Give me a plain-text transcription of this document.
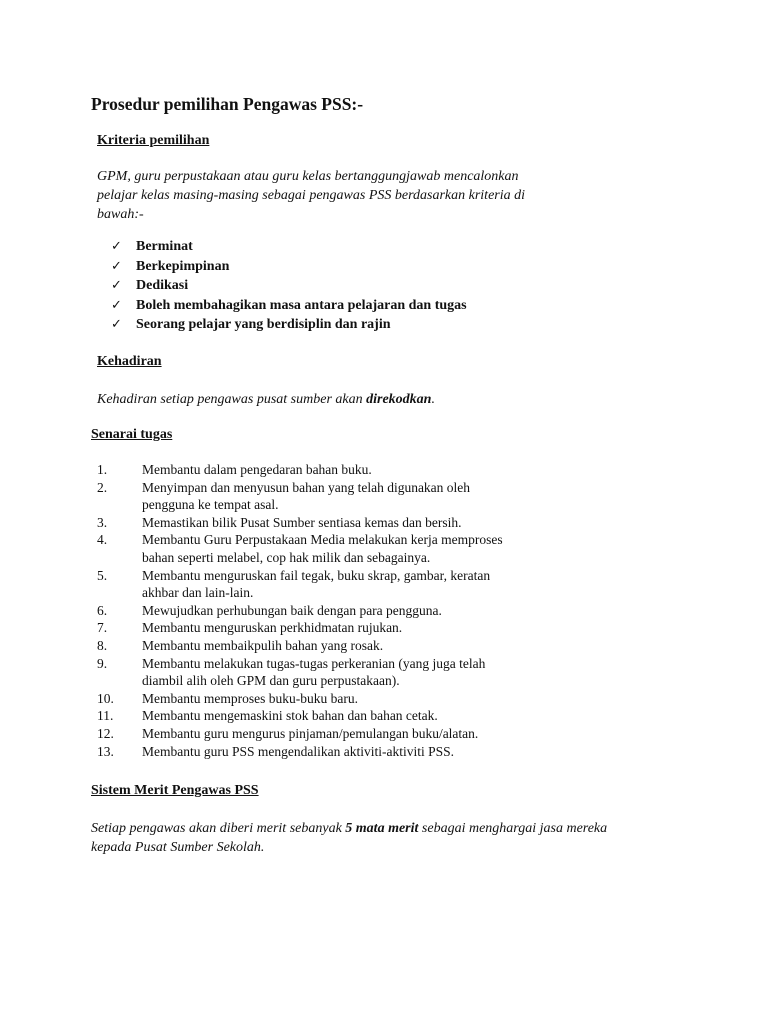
Prosedur pemilihan Pengawas PSS:-
Kriteria pemilihan
GPM, guru perpustakaan atau guru kelas bertanggungjawab mencalonkan
pelajar kelas masing-masing sebagai pengawas PSS berdasarkan kriteria di
bawah:-
✓	Berminat
✓	Berkepimpinan
✓	Dedikasi
✓	Boleh membahagikan masa antara pelajaran dan tugas
✓	Seorang pelajar yang berdisiplin dan rajin
Kehadiran
Kehadiran setiap pengawas pusat sumber akan direkodkan.
Senarai tugas
1.	Membantu dalam pengedaran bahan buku.
2.	Menyimpan dan menyusun bahan yang telah digunakan oleh
pengguna ke tempat asal.
3.	Memastikan bilik Pusat Sumber sentiasa kemas dan bersih.
4.	Membantu Guru Perpustakaan Media melakukan kerja memproses
bahan seperti melabel, cop hak milik dan sebagainya.
5.	Membantu menguruskan fail tegak, buku skrap, gambar, keratan
akhbar dan lain-lain.
6.	Mewujudkan perhubungan baik dengan para pengguna.
7.	Membantu menguruskan perkhidmatan rujukan.
8.	Membantu membaikpulih bahan yang rosak.
9.	Membantu melakukan tugas-tugas perkeranian (yang juga telah
diambil alih oleh GPM dan guru perpustakaan).
10.	Membantu memproses buku-buku baru.
11.	Membantu mengemaskini stok bahan dan bahan cetak.
12.	Membantu guru mengurus pinjaman/pemulangan buku/alatan.
13.	Membantu guru PSS mengendalikan aktiviti-aktiviti PSS.
Sistem Merit Pengawas PSS
Setiap pengawas akan diberi merit sebanyak 5 mata merit sebagai menghargai jasa mereka
kepada Pusat Sumber Sekolah.
